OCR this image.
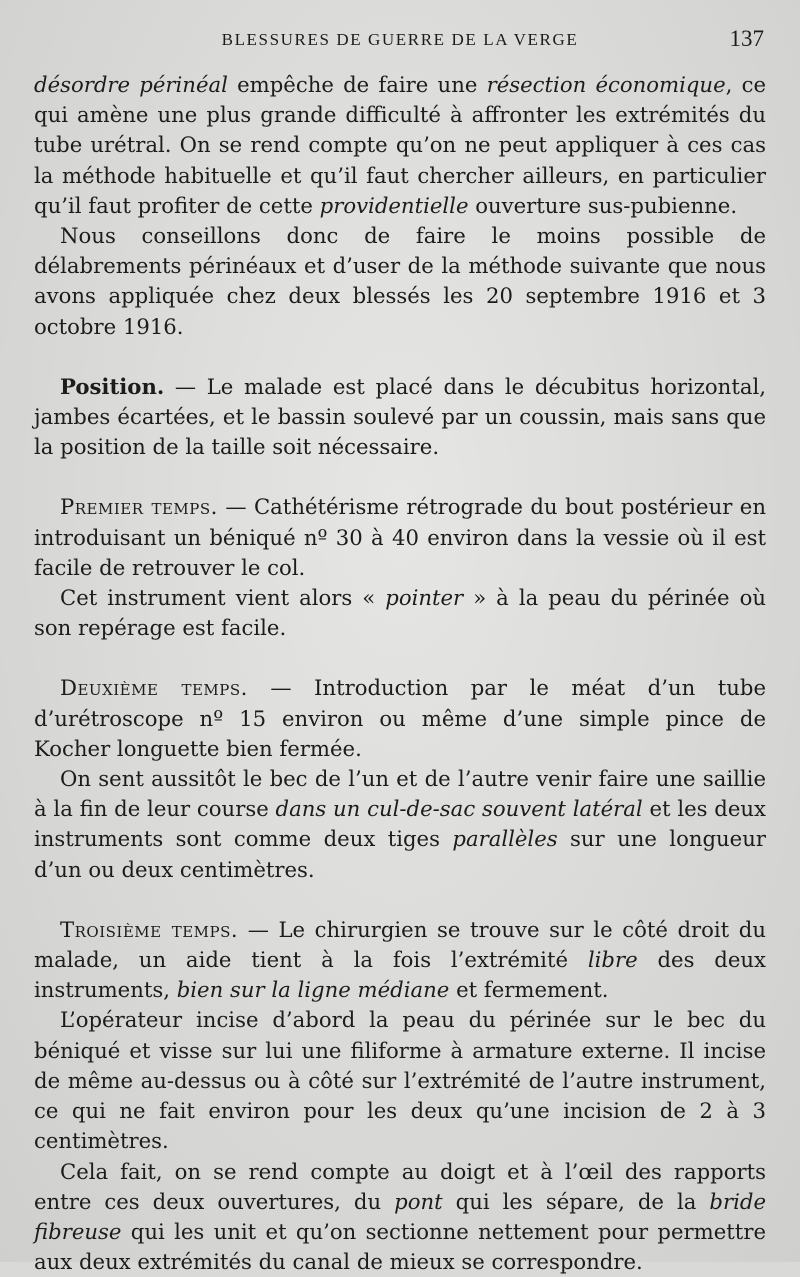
BLESSURES DE GUERRE DE LA VERGE	137

désordre périnéal empêche de faire une résection économique, ce qui amène une plus grande difficulté à affronter les extrémités du tube urétral. On se rend compte qu’on ne peut appliquer à ces cas la méthode habituelle et qu’il faut chercher ailleurs, en particulier qu’il faut profiter de cette providentielle ouverture sus-pubienne.

Nous conseillons donc de faire le moins possible de délabrements périnéaux et d’user de la méthode suivante que nous avons appliquée chez deux blessés les 20 septembre 1916 et 3 octobre 1916.

Position. — Le malade est placé dans le décubitus horizontal, jambes écartées, et le bassin soulevé par un coussin, mais sans que la position de la taille soit nécessaire.

Premier temps. — Cathétérisme rétrograde du bout postérieur en introduisant un béniqué nº 30 à 40 environ dans la vessie où il est facile de retrouver le col.

Cet instrument vient alors « pointer » à la peau du périnée où son repérage est facile.

Deuxième temps. — Introduction par le méat d’un tube d’urétroscope nº 15 environ ou même d’une simple pince de Kocher longuette bien fermée.

On sent aussitôt le bec de l’un et de l’autre venir faire une saillie à la fin de leur course dans un cul-de-sac souvent latéral et les deux instruments sont comme deux tiges parallèles sur une longueur d’un ou deux centimètres.

Troisième temps. — Le chirurgien se trouve sur le côté droit du malade, un aide tient à la fois l’extrémité libre des deux instruments, bien sur la ligne médiane et fermement.

L’opérateur incise d’abord la peau du périnée sur le bec du béniqué et visse sur lui une filiforme à armature externe. Il incise de même au-dessus ou à côté sur l’extrémité de l’autre instrument, ce qui ne fait environ pour les deux qu’une incision de 2 à 3 centimètres.

Cela fait, on se rend compte au doigt et à l’œil des rapports entre ces deux ouvertures, du pont qui les sépare, de la bride fibreuse qui les unit et qu’on sectionne nettement pour permettre aux deux extrémités du canal de mieux se correspondre.
